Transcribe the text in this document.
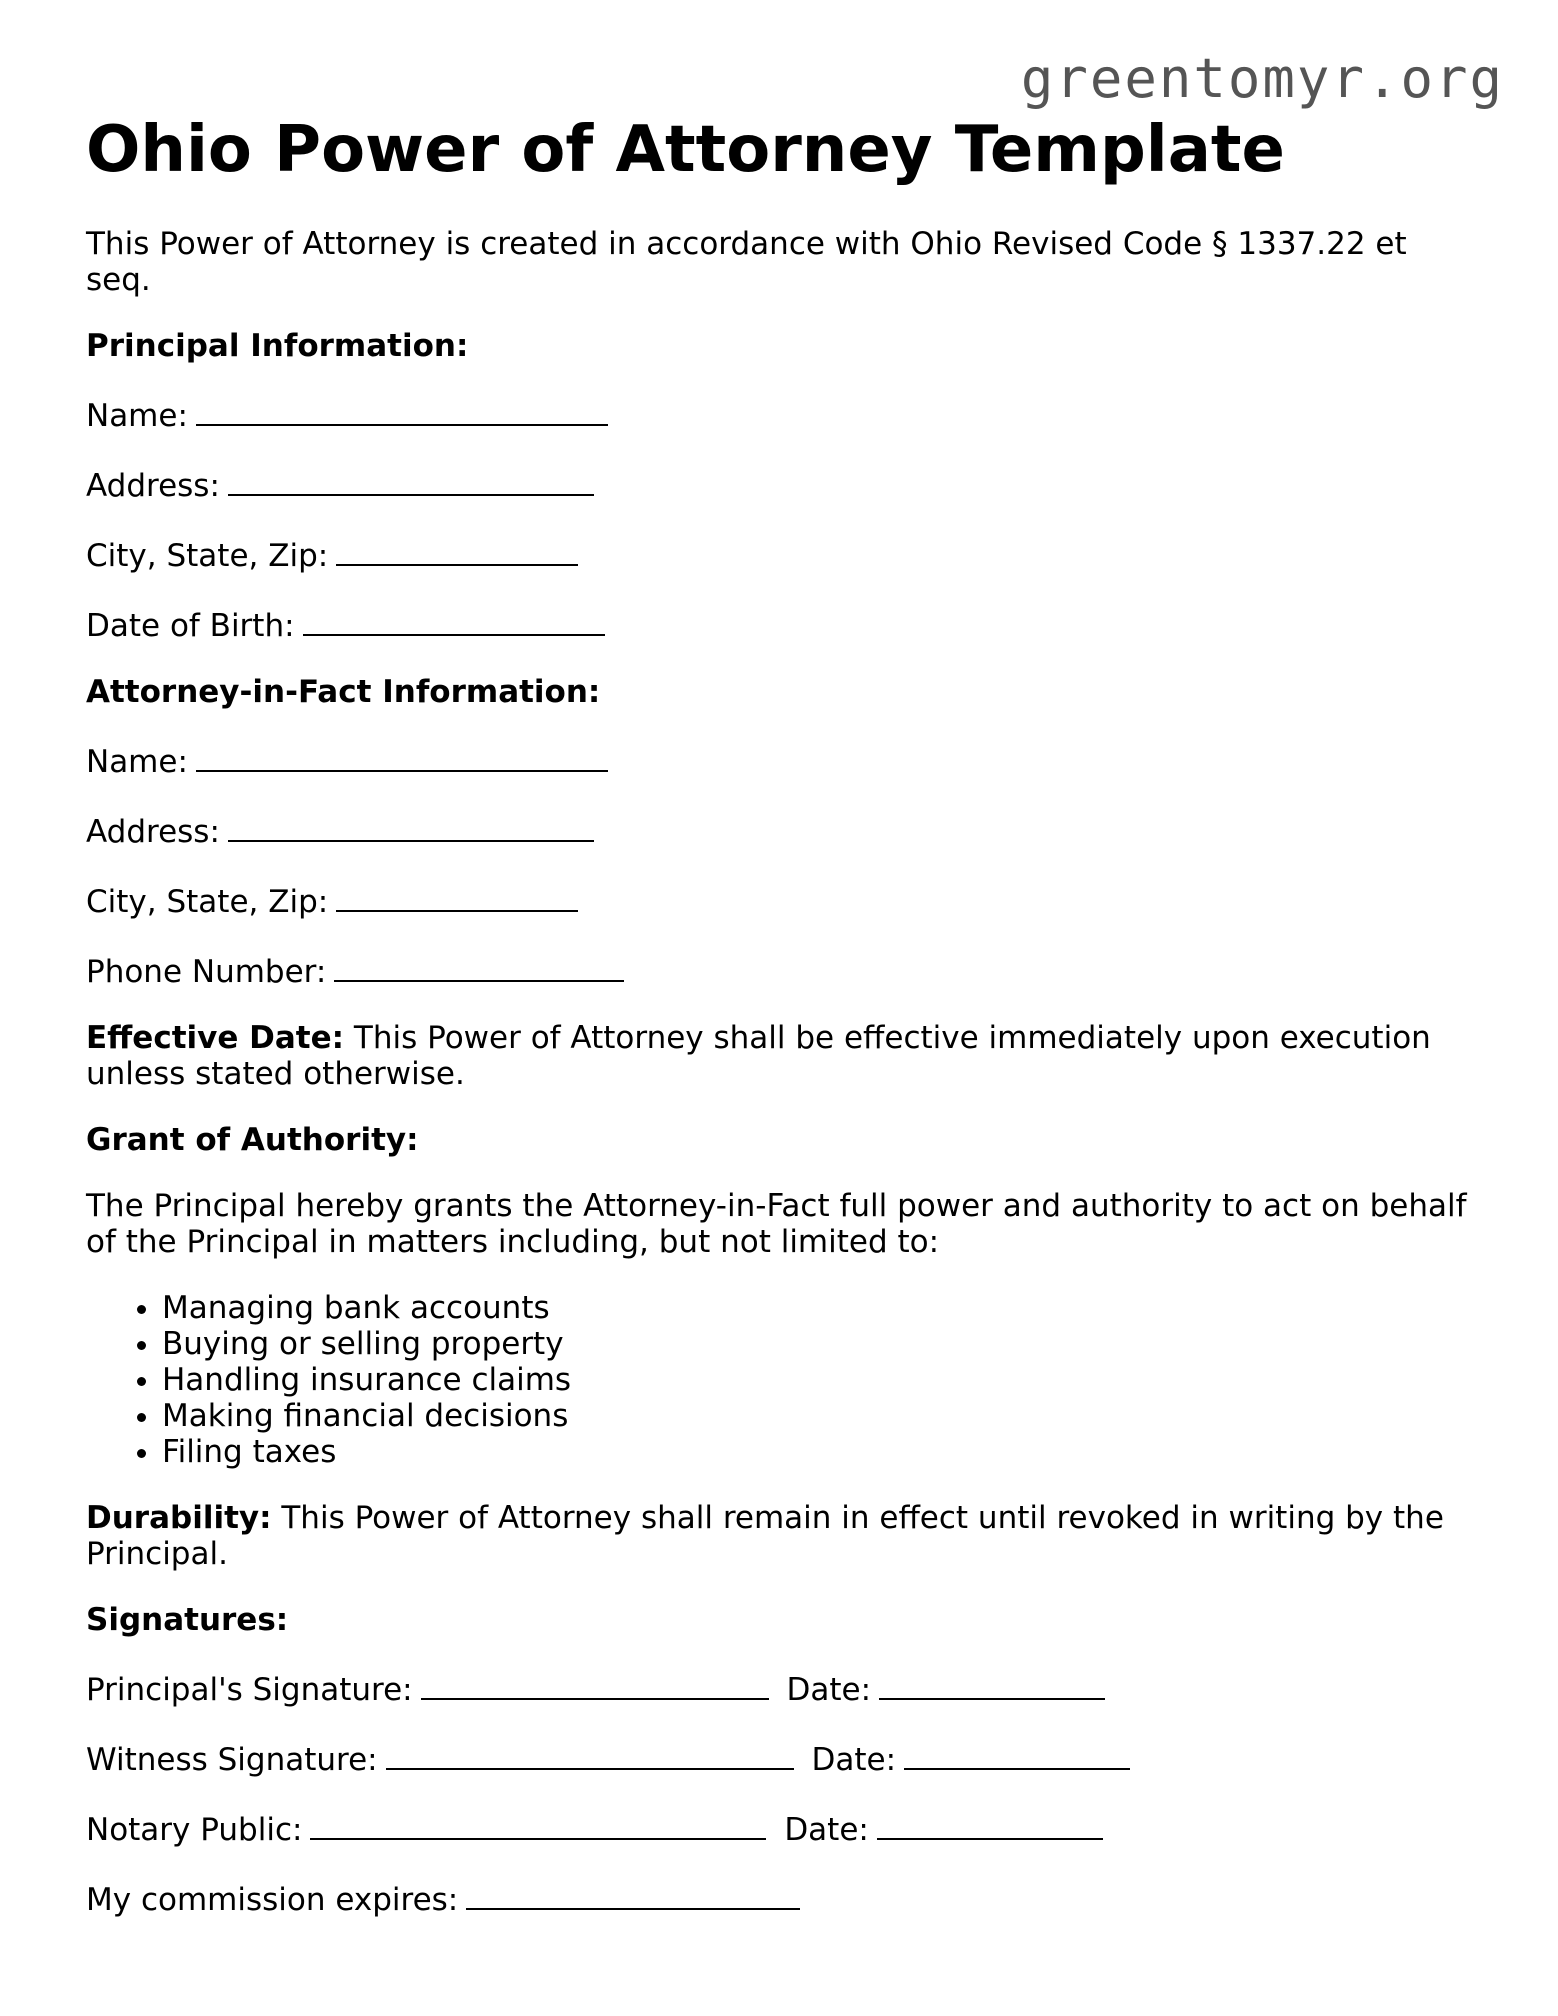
greentomyr.org
Ohio Power of Attorney Template

This Power of Attorney is created in accordance with Ohio Revised Code § 1337.22 et seq.

Principal Information:

Name:
Address:
City, State, Zip:
Date of Birth:

Attorney-in-Fact Information:

Name:
Address:
City, State, Zip:
Phone Number:

Effective Date: This Power of Attorney shall be effective immediately upon execution unless stated otherwise.

Grant of Authority:

The Principal hereby grants the Attorney-in-Fact full power and authority to act on behalf of the Principal in matters including, but not limited to:

• Managing bank accounts
• Buying or selling property
• Handling insurance claims
• Making financial decisions
• Filing taxes

Durability: This Power of Attorney shall remain in effect until revoked in writing by the Principal.

Signatures:

Principal's Signature:	Date:
Witness Signature:	Date:
Notary Public:	Date:
My commission expires:
